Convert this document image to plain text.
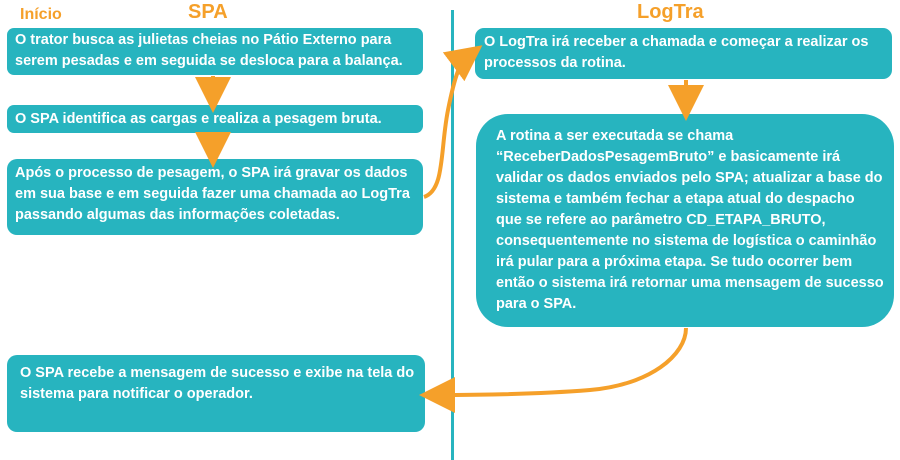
Início	SPA	LogTra
O trator busca as julietas cheias no Pátio Externo para serem pesadas e em seguida se desloca para a balança.
O SPA identifica as cargas e realiza a pesagem bruta.
Após o processo de pesagem, o SPA irá gravar os dados em sua base e em seguida fazer uma chamada ao LogTra passando algumas das informações coletadas.
O LogTra irá receber a chamada e começar a realizar os processos da rotina.
A rotina a ser executada se chama “ReceberDadosPesagemBruto” e basicamente irá validar os dados enviados pelo SPA; atualizar a base do sistema e também fechar a etapa atual do despacho que se refere ao parâmetro CD_ETAPA_BRUTO, consequentemente no sistema de logística o caminhão irá pular para a próxima etapa. Se tudo ocorrer bem então o sistema irá retornar uma mensagem de sucesso para o SPA.
O SPA recebe a mensagem de sucesso e exibe na tela do sistema para notificar o operador.
